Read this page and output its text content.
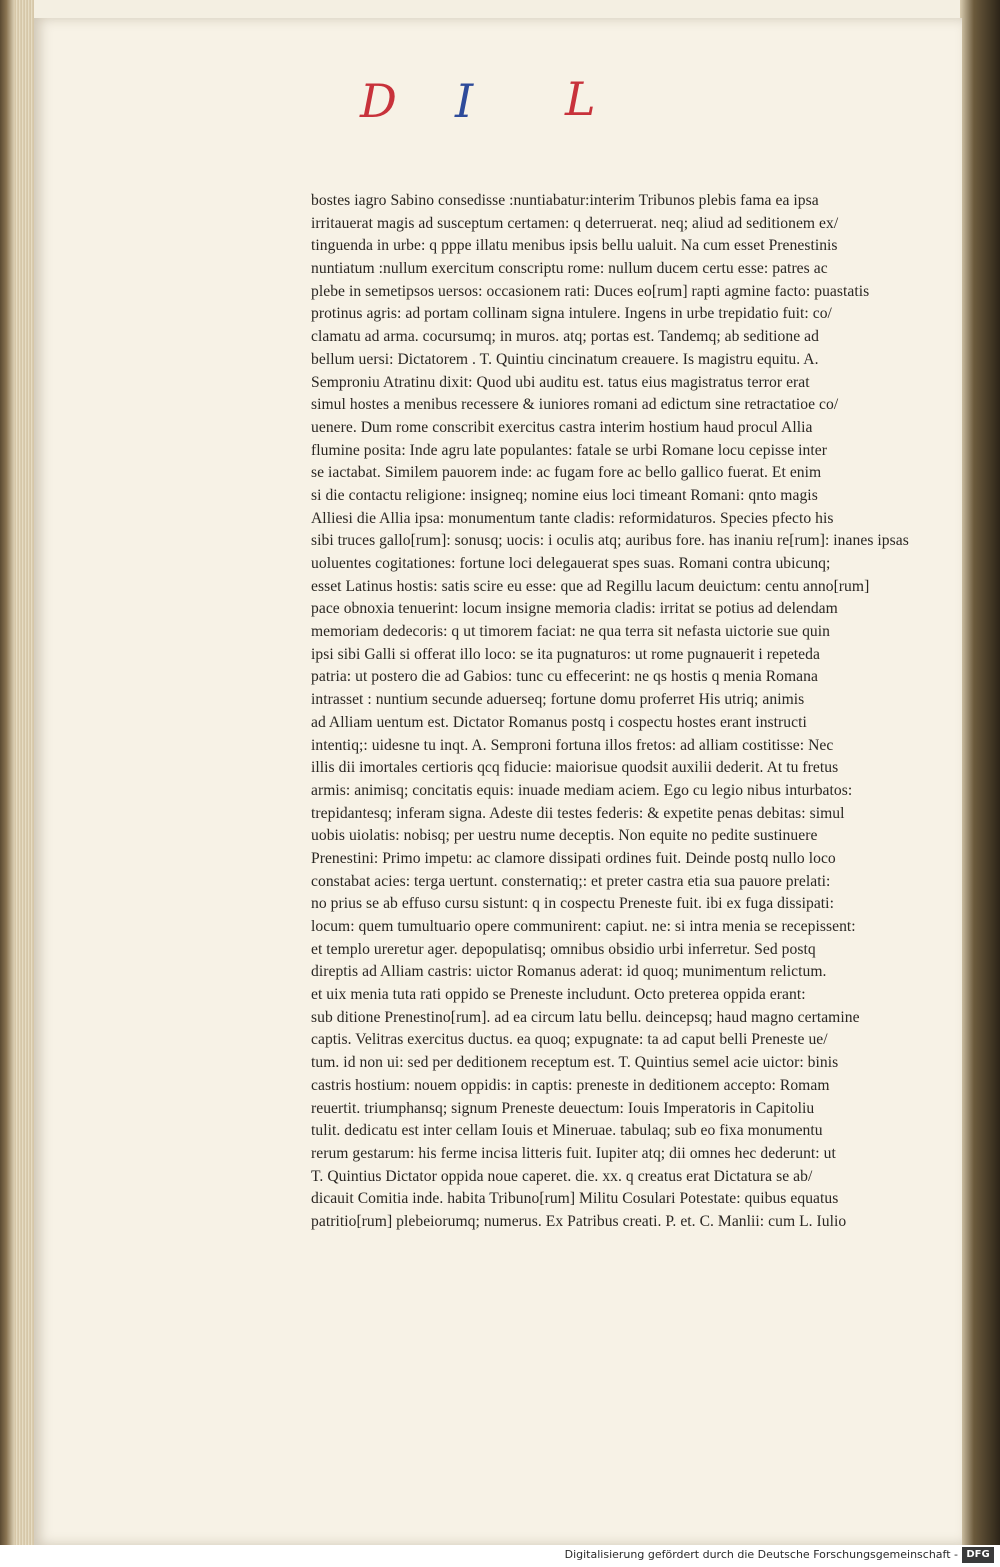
D I L
bostes iagro Sabino consedisse :nuntiabatur:interim Tribunos plebis fama ea ipsa
irritauerat magis ad susceptum certamen: q deterruerat. neq; aliud ad seditionem ex/
tinguenda in urbe: q pppe illatu menibus ipsis bellu ualuit. Na cum esset Prenestinis
nuntiatum :nullum exercitum conscriptu rome: nullum ducem certu esse: patres ac
plebe in semetipsos uersos: occasionem rati: Duces eo[rum] rapti agmine facto: puastatis
protinus agris: ad portam collinam signa intulere. Ingens in urbe trepidatio fuit: co/
clamatu ad arma. cocursumq; in muros. atq; portas est. Tandemq; ab seditione ad
bellum uersi: Dictatorem . T. Quintiu cincinatum creauere. Is magistru equitu. A.
Semproniu Atratinu dixit: Quod ubi auditu est. tatus eius magistratus terror erat
simul hostes a menibus recessere & iuniores romani ad edictum sine retractatioe co/
uenere. Dum rome conscribit exercitus castra interim hostium haud procul Allia
flumine posita: Inde agru late populantes: fatale se urbi Romane locu cepisse inter
se iactabat. Similem pauorem inde: ac fugam fore ac bello gallico fuerat. Et enim
si die contactu religione: insigneq; nomine eius loci timeant Romani: qnto magis
Alliesi die Allia ipsa: monumentum tante cladis: reformidaturos. Species pfecto his
sibi truces gallo[rum]: sonusq; uocis: i oculis atq; auribus fore. has inaniu re[rum]: inanes ipsas
uoluentes cogitationes: fortune loci delegauerat spes suas. Romani contra ubicunq;
esset Latinus hostis: satis scire eu esse: que ad Regillu lacum deuictum: centu anno[rum]
pace obnoxia tenuerint: locum insigne memoria cladis: irritat se potius ad delendam
memoriam dedecoris: q ut timorem faciat: ne qua terra sit nefasta uictorie sue quin
ipsi sibi Galli si offerat illo loco: se ita pugnaturos: ut rome pugnauerit i repeteda
patria: ut postero die ad Gabios: tunc cu effecerint: ne qs hostis q menia Romana
intrasset : nuntium secunde aduerseq; fortune domu proferret His utriq; animis
ad Alliam uentum est. Dictator Romanus postq i cospectu hostes erant instructi
intentiq;: uidesne tu inqt. A. Semproni fortuna illos fretos: ad alliam costitisse: Nec
illis dii imortales certioris qcq fiducie: maiorisue quodsit auxilii dederit. At tu fretus
armis: animisq; concitatis equis: inuade mediam aciem. Ego cu legio nibus inturbatos:
trepidantesq; inferam signa. Adeste dii testes federis: & expetite penas debitas: simul
uobis uiolatis: nobisq; per uestru nume deceptis. Non equite no pedite sustinuere
Prenestini: Primo impetu: ac clamore dissipati ordines fuit. Deinde postq nullo loco
constabat acies: terga uertunt. consternatiq;: et preter castra etia sua pauore prelati:
no prius se ab effuso cursu sistunt: q in cospectu Preneste fuit. ibi ex fuga dissipati:
locum: quem tumultuario opere communirent: capiut. ne: si intra menia se recepissent:
et templo ureretur ager. depopulatisq; omnibus obsidio urbi inferretur. Sed postq
direptis ad Alliam castris: uictor Romanus aderat: id quoq; munimentum relictum.
et uix menia tuta rati oppido se Preneste includunt. Octo preterea oppida erant:
sub ditione Prenestino[rum]. ad ea circum latu bellu. deincepsq; haud magno certamine
captis. Velitras exercitus ductus. ea quoq; expugnate: ta ad caput belli Preneste ue/
tum. id non ui: sed per deditionem receptum est. T. Quintius semel acie uictor: binis
castris hostium: nouem oppidis: in captis: preneste in deditionem accepto: Romam
reuertit. triumphansq; signum Preneste deuectum: Iouis Imperatoris in Capitoliu
tulit. dedicatu est inter cellam Iouis et Mineruae. tabulaq; sub eo fixa monumentu
rerum gestarum: his ferme incisa litteris fuit. Iupiter atq; dii omnes hec dederunt: ut
T. Quintius Dictator oppida noue caperet. die. xx. q creatus erat Dictatura se ab/
dicauit Comitia inde. habita Tribuno[rum] Militu Cosulari Potestate: quibus equatus
patritio[rum] plebeiorumq; numerus. Ex Patribus creati. P. et. C. Manlii: cum L. Iulio
Digitalisierung gefördert durch die Deutsche Forschungsgemeinschaft - DFG
